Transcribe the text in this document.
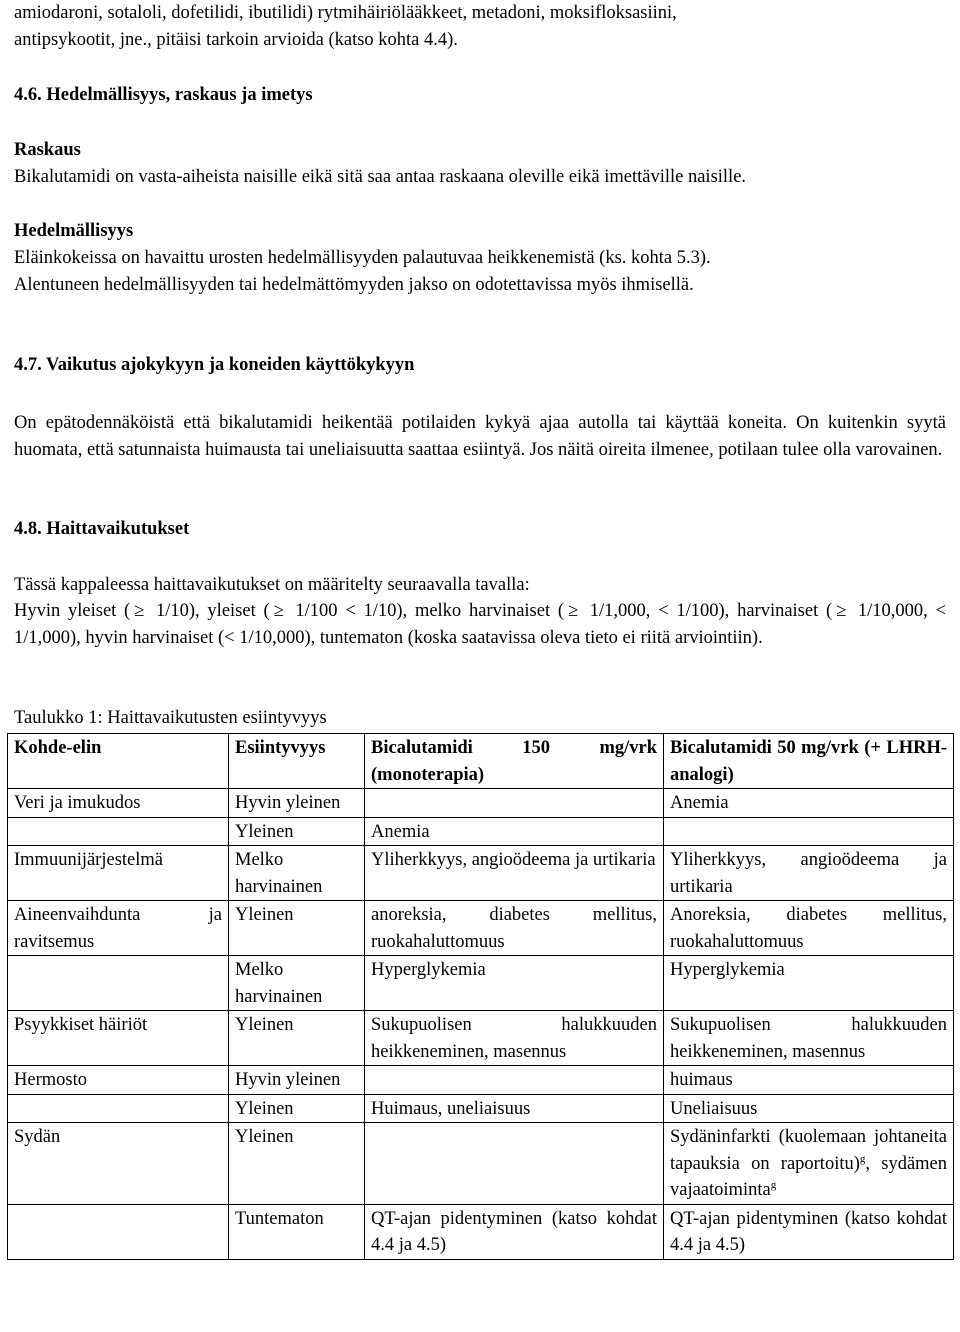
amiodaroni, sotaloli, dofetilidi, ibutilidi) rytmihäiriölääkkeet, metadoni, moksifloksasiini,

antipsykootit, jne., pitäisi tarkoin arvioida (katso kohta 4.4).

4.6. Hedelmällisyys, raskaus ja imetys

Raskaus

Bikalutamidi on vasta-aiheista naisille eikä sitä saa antaa raskaana oleville eikä imettäville naisille.

Hedelmällisyys

Eläinkokeissa on havaittu urosten hedelmällisyyden palautuvaa heikkenemistä (ks. kohta 5.3).

Alentuneen hedelmällisyyden tai hedelmättömyyden jakso on odotettavissa myös ihmisellä.

4.7. Vaikutus ajokykyyn ja koneiden käyttökykyyn

On epätodennäköistä että bikalutamidi heikentää potilaiden kykyä ajaa autolla tai käyttää koneita. On kuitenkin syytä huomata, että satunnaista huimausta tai uneliaisuutta saattaa esiintyä. Jos näitä oireita ilmenee, potilaan tulee olla varovainen.

4.8. Haittavaikutukset

Tässä kappaleessa haittavaikutukset on määritelty seuraavalla tavalla:

Hyvin yleiset ( ≥ 1/10), yleiset ( ≥ 1/100 < 1/10), melko harvinaiset ( ≥ 1/1,000, < 1/100), harvinaiset ( ≥ 1/10,000, < 1/1,000), hyvin harvinaiset (< 1/10,000), tuntematon (koska saatavissa oleva tieto ei riitä arviointiin).

Taulukko 1: Haittavaikutusten esiintyvyys

Kohde-elin	Esiintyvyys	Bicalutamidi 150 mg/vrk (monoterapia)	Bicalutamidi 50 mg/vrk (+ LHRH-analogi)
Veri ja imukudos	Hyvin yleinen		Anemia
	Yleinen	Anemia	
Immuunijärjestelmä	Melko harvinainen	Yliherkkyys, angioödeema ja urtikaria	Yliherkkyys, angioödeema ja urtikaria
Aineenvaihdunta ja ravitsemus	Yleinen	anoreksia, diabetes mellitus, ruokahaluttomuus	Anoreksia, diabetes mellitus, ruokahaluttomuus
	Melko harvinainen	Hyperglykemia	Hyperglykemia
Psyykkiset häiriöt	Yleinen	Sukupuolisen halukkuuden heikkeneminen, masennus	Sukupuolisen halukkuuden heikkeneminen, masennus
Hermosto	Hyvin yleinen		huimaus
	Yleinen	Huimaus, uneliaisuus	Uneliaisuus
Sydän	Yleinen		Sydäninfarkti (kuolemaan johtaneita tapauksia on raportoitu)$^g$, sydämen vajaatoiminta$^g$
	Tuntematon	QT-ajan pidentyminen (katso kohdat 4.4 ja 4.5)	QT-ajan pidentyminen (katso kohdat 4.4 ja 4.5)
